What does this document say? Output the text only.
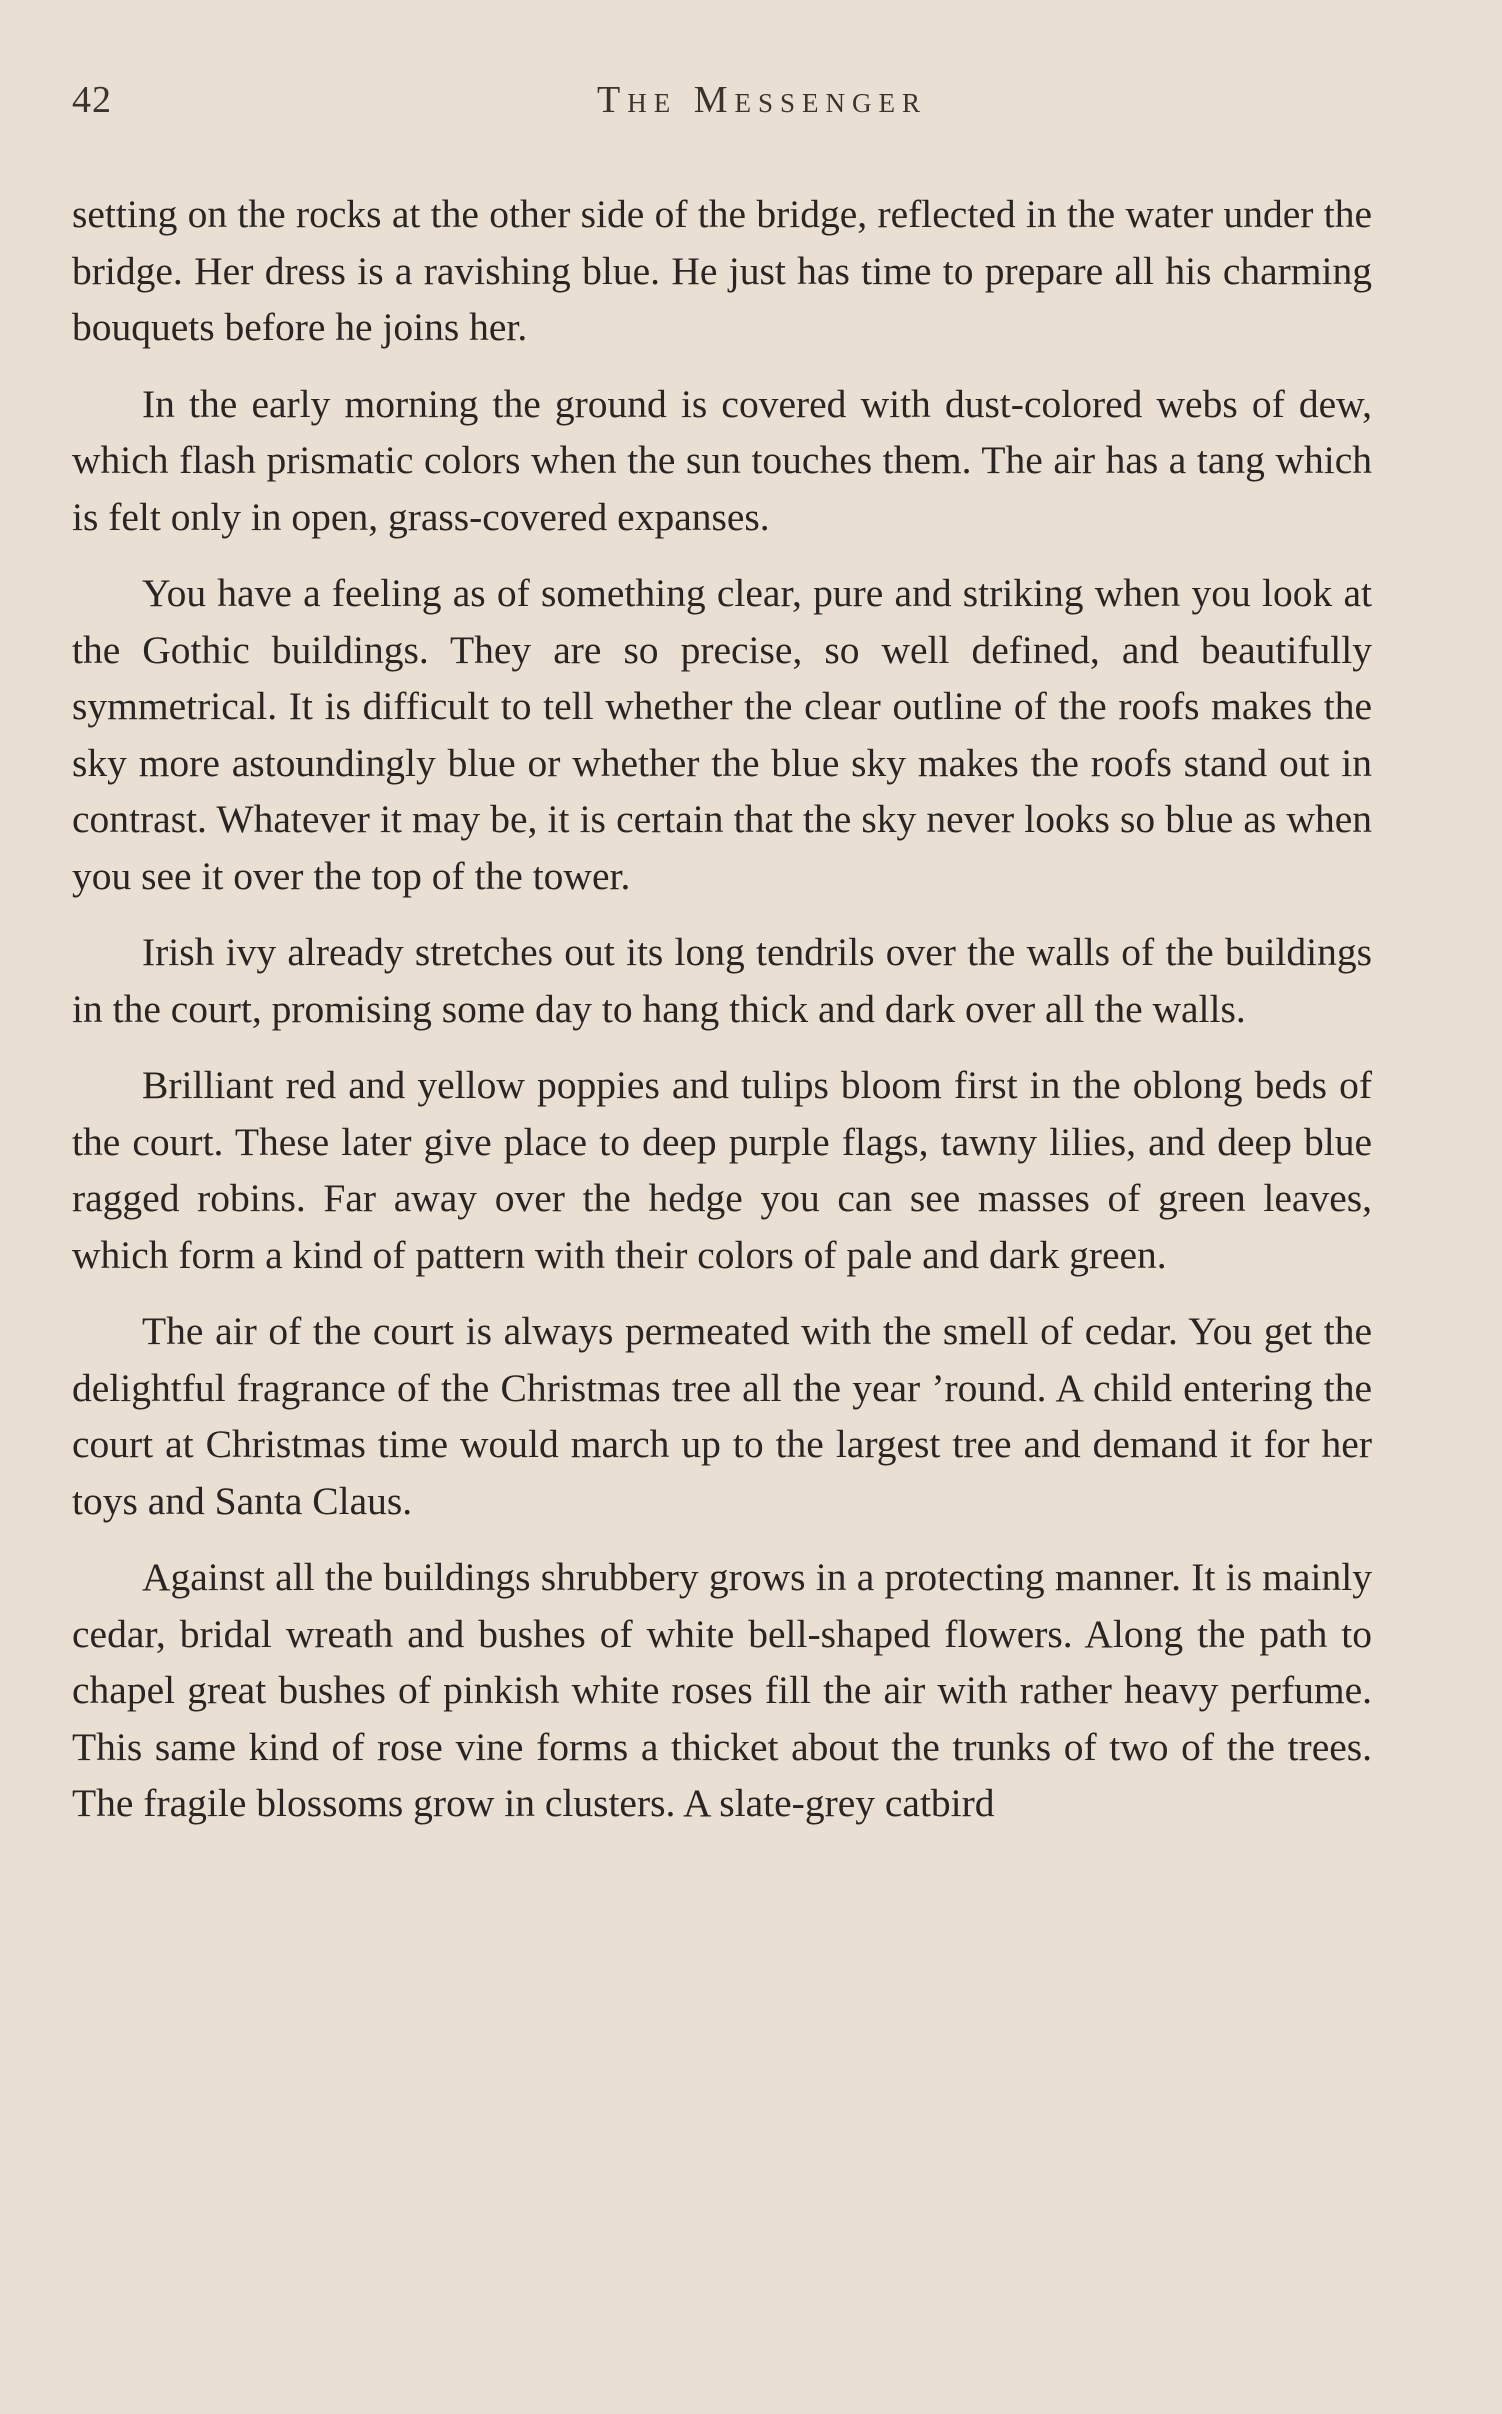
42	The Messenger

setting on the rocks at the other side of the bridge, reflected in the water under the bridge. Her dress is a ravishing blue. He just has time to prepare all his charming bouquets before he joins her.

In the early morning the ground is covered with dust-colored webs of dew, which flash prismatic colors when the sun touches them. The air has a tang which is felt only in open, grass-covered expanses.

You have a feeling as of something clear, pure and striking when you look at the Gothic buildings. They are so precise, so well defined, and beautifully symmetrical. It is difficult to tell whether the clear outline of the roofs makes the sky more astoundingly blue or whether the blue sky makes the roofs stand out in contrast. Whatever it may be, it is certain that the sky never looks so blue as when you see it over the top of the tower.

Irish ivy already stretches out its long tendrils over the walls of the buildings in the court, promising some day to hang thick and dark over all the walls.

Brilliant red and yellow poppies and tulips bloom first in the oblong beds of the court. These later give place to deep purple flags, tawny lilies, and deep blue ragged robins. Far away over the hedge you can see masses of green leaves, which form a kind of pattern with their colors of pale and dark green.

The air of the court is always permeated with the smell of cedar. You get the delightful fragrance of the Christmas tree all the year ’round. A child entering the court at Christmas time would march up to the largest tree and demand it for her toys and Santa Claus.

Against all the buildings shrubbery grows in a protecting manner. It is mainly cedar, bridal wreath and bushes of white bell-shaped flowers. Along the path to chapel great bushes of pinkish white roses fill the air with rather heavy perfume. This same kind of rose vine forms a thicket about the trunks of two of the trees. The fragile blossoms grow in clusters. A slate-grey catbird
